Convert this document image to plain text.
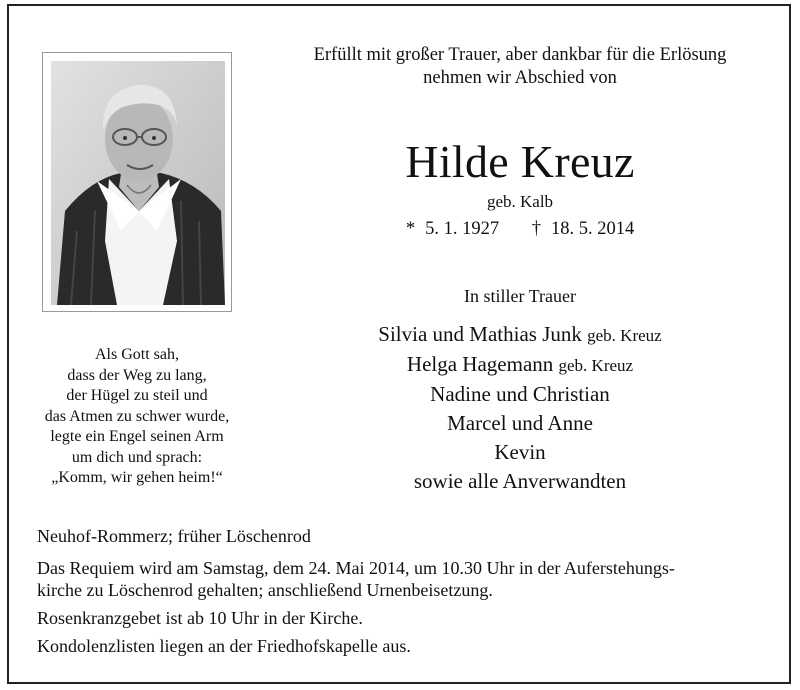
Erfüllt mit großer Trauer, aber dankbar für die Erlösung
nehmen wir Abschied von
Hilde Kreuz
geb. Kalb
* 5. 1. 1927 † 18. 5. 2014
In stiller Trauer
Silvia und Mathias Junk geb. Kreuz
Helga Hagemann geb. Kreuz
Nadine und Christian
Marcel und Anne
Kevin
sowie alle Anverwandten
Als Gott sah,
dass der Weg zu lang,
der Hügel zu steil und
das Atmen zu schwer wurde,
legte ein Engel seinen Arm
um dich und sprach:
„Komm, wir gehen heim!“

Neuhof-Rommerz; früher Löschenrod

Das Requiem wird am Samstag, dem 24. Mai 2014, um 10.30 Uhr in der Auferstehungs-
kirche zu Löschenrod gehalten; anschließend Urnenbeisetzung.

Rosenkranzgebet ist ab 10 Uhr in der Kirche.

Kondolenzlisten liegen an der Friedhofskapelle aus.
